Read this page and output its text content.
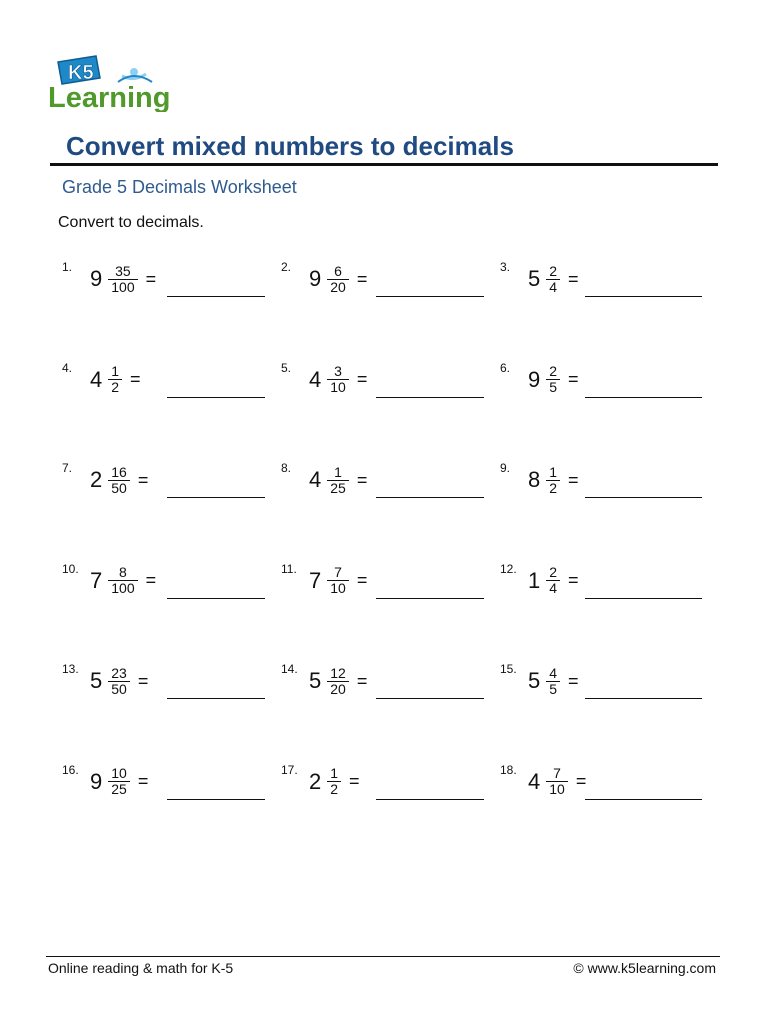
K5
Learning
Convert mixed numbers to decimals
Grade 5 Decimals Worksheet
Convert to decimals.
1. $9 \frac{35}{100}$ =
2. $9 \frac{6}{20}$ =
3. $5 \frac{2}{4}$ =
4. $4 \frac{1}{2}$ =
5. $4 \frac{3}{10}$ =
6. $9 \frac{2}{5}$ =
7. $2 \frac{16}{50}$ =
8. $4 \frac{1}{25}$ =
9. $8 \frac{1}{2}$ =
10. $7 \frac{8}{100}$ =
11. $7 \frac{7}{10}$ =
12. $1 \frac{2}{4}$ =
13. $5 \frac{23}{50}$ =
14. $5 \frac{12}{20}$ =
15. $5 \frac{4}{5}$ =
16. $9 \frac{10}{25}$ =
17. $2 \frac{1}{2}$ =
18. $4 \frac{7}{10}$ =
Online reading & math for K-5	© www.k5learning.com
